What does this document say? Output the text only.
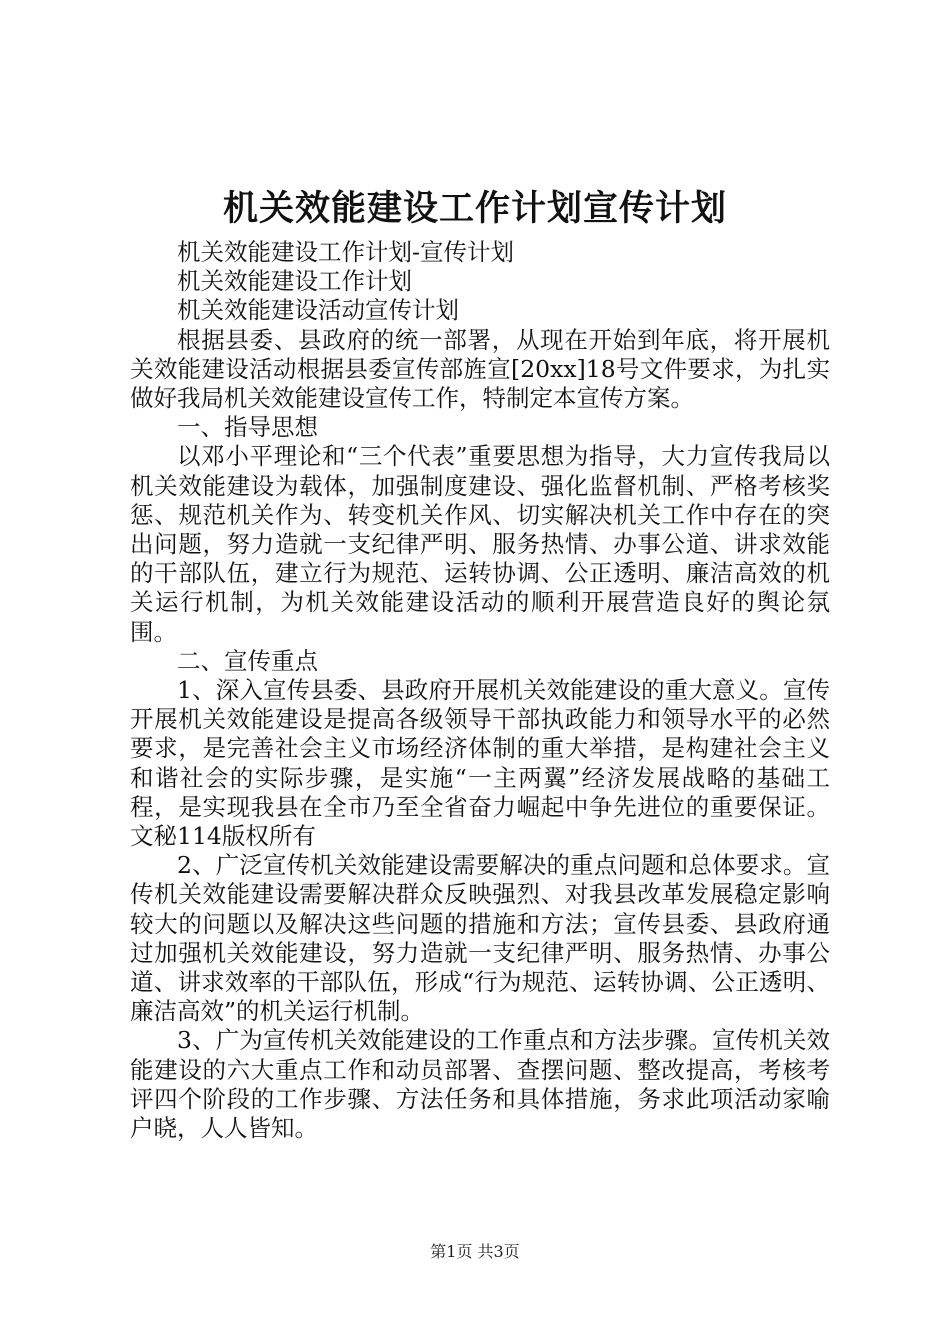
机关效能建设工作计划宣传计划

机关效能建设工作计划-宣传计划

机关效能建设工作计划

机关效能建设活动宣传计划

根据县委、县政府的统一部署，从现在开始到年底，将开展机关效能建设活动根据县委宣传部旌宣[20xx]18号文件要求，为扎实做好我局机关效能建设宣传工作，特制定本宣传方案。

一、指导思想

以邓小平理论和“三个代表”重要思想为指导，大力宣传我局以机关效能建设为载体，加强制度建设、强化监督机制、严格考核奖惩、规范机关作为、转变机关作风、切实解决机关工作中存在的突出问题，努力造就一支纪律严明、服务热情、办事公道、讲求效能的干部队伍，建立行为规范、运转协调、公正透明、廉洁高效的机关运行机制，为机关效能建设活动的顺利开展营造良好的舆论氛围。

二、宣传重点

1、深入宣传县委、县政府开展机关效能建设的重大意义。宣传开展机关效能建设是提高各级领导干部执政能力和领导水平的必然要求，是完善社会主义市场经济体制的重大举措，是构建社会主义和谐社会的实际步骤，是实施“一主两翼”经济发展战略的基础工程，是实现我县在全市乃至全省奋力崛起中争先进位的重要保证。文秘114版权所有

2、广泛宣传机关效能建设需要解决的重点问题和总体要求。宣传机关效能建设需要解决群众反映强烈、对我县改革发展稳定影响较大的问题以及解决这些问题的措施和方法；宣传县委、县政府通过加强机关效能建设，努力造就一支纪律严明、服务热情、办事公道、讲求效率的干部队伍，形成“行为规范、运转协调、公正透明、廉洁高效”的机关运行机制。

3、广为宣传机关效能建设的工作重点和方法步骤。宣传机关效能建设的六大重点工作和动员部署、查摆问题、整改提高，考核考评四个阶段的工作步骤、方法任务和具体措施，务求此项活动家喻户晓，人人皆知。

第1页 共3页
